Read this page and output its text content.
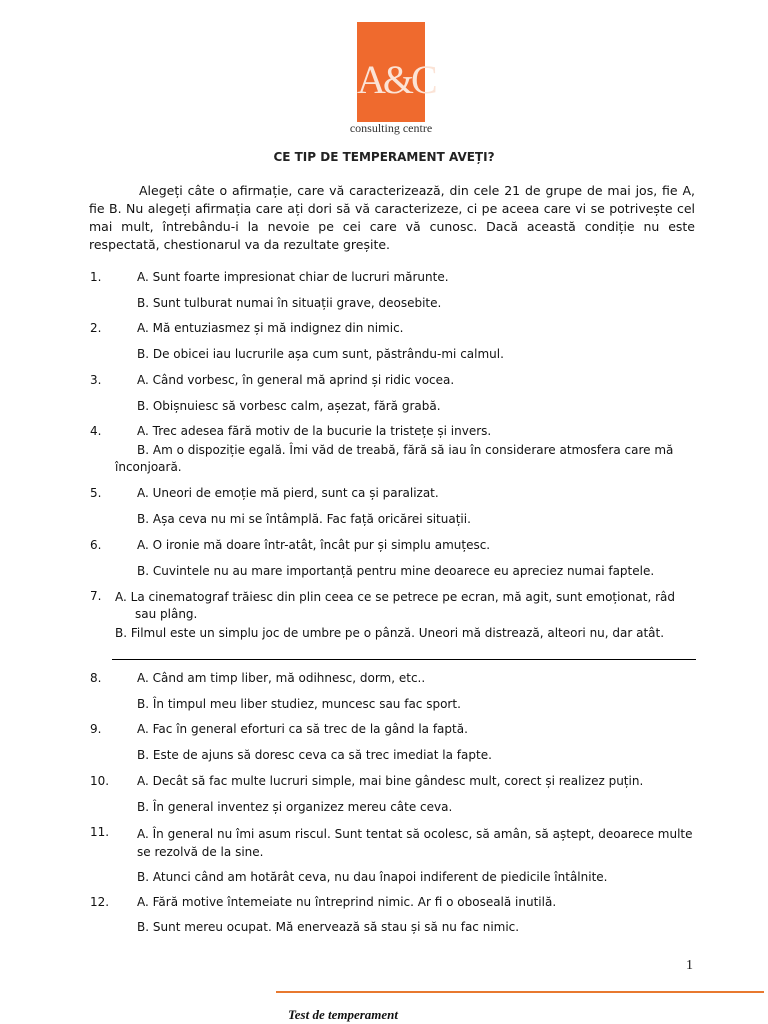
A&C
consulting centre
CE TIP DE TEMPERAMENT AVEȚI?
Alegeți câte o afirmație, care vă caracterizează, din cele 21 de grupe de mai jos, fie A, fie B. Nu alegeți afirmația care ați dori să vă caracterizeze, ci pe aceea care vi se potrivește cel mai mult, întrebându-i la nevoie pe cei care vă cunosc. Dacă această condiție nu este respectată, chestionarul va da rezultate greșite.
1.	A. Sunt foarte impresionat chiar de lucruri mărunte.
B. Sunt tulburat numai în situații grave, deosebite.
2.	A. Mă entuziasmez și mă indignez din nimic.
B. De obicei iau lucrurile așa cum sunt, păstrându-mi calmul.
3.	A. Când vorbesc, în general mă aprind și ridic vocea.
B. Obișnuiesc să vorbesc calm, așezat, fără grabă.
4.	A. Trec adesea fără motiv de la bucurie la tristețe și invers.
B. Am o dispoziție egală. Îmi văd de treabă, fără să iau în considerare atmosfera care mă înconjoară.
5.	A. Uneori de emoție mă pierd, sunt ca și paralizat.
B. Așa ceva nu mi se întâmplă. Fac față oricărei situații.
6.	A. O ironie mă doare într-atât, încât pur și simplu amuțesc.
B. Cuvintele nu au mare importanță pentru mine deoarece eu apreciez numai faptele.
7. A. La cinematograf trăiesc din plin ceea ce se petrece pe ecran, mă agit, sunt emoționat, râd sau plâng.
B. Filmul este un simplu joc de umbre pe o pânză. Uneori mă distrează, alteori nu, dar atât.
8.	A. Când am timp liber, mă odihnesc, dorm, etc..
B. În timpul meu liber studiez, muncesc sau fac sport.
9.	A. Fac în general eforturi ca să trec de la gând la faptă.
B. Este de ajuns să doresc ceva ca să trec imediat la fapte.
10. A. Decât să fac multe lucruri simple, mai bine gândesc mult, corect și realizez puțin.
B. În general inventez și organizez mereu câte ceva.
11. A. În general nu îmi asum riscul. Sunt tentat să ocolesc, să amân, să aștept, deoarece multe se rezolvă de la sine.
B. Atunci când am hotărât ceva, nu dau înapoi indiferent de piedicile întâlnite.
12. A. Fără motive întemeiate nu întreprind nimic. Ar fi o oboseală inutilă.
B. Sunt mereu ocupat. Mă enervează să stau și să nu fac nimic.
1
Test de temperament
